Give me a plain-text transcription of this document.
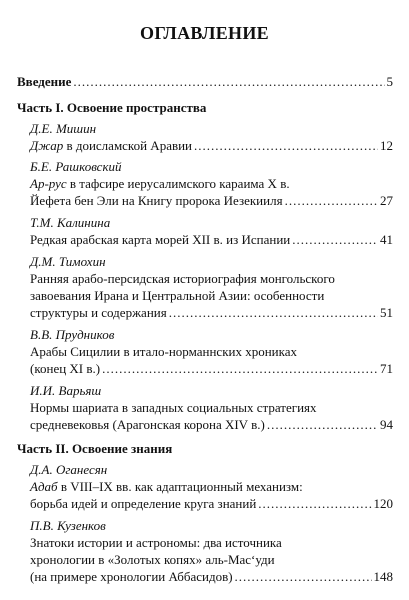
ОГЛАВЛЕНИЕ
Введение .....	5
Часть I. Освоение пространства
Д.Е. Мишин
Джар в доисламской Аравии .....	12
Б.Е. Рашковский
Ар-рус в тафсире иерусалимского караима X в.
Йефета бен Эли на Книгу пророка Иезекииля .....	27
Т.М. Калинина
Редкая арабская карта морей XII в. из Испании .....	41
Д.М. Тимохин
Ранняя арабо-персидская историография монгольского
завоевания Ирана и Центральной Азии: особенности
структуры и содержания .....	51
В.В. Прудников
Арабы Сицилии в итало-норманнских хрониках
(конец XI в.) .....	71
И.И. Варьяш
Нормы шариата в западных социальных стратегиях
средневековья (Арагонская корона XIV в.) .....	94
Часть II. Освоение знания
Д.А. Оганесян
Адаб в VIII–IX вв. как адаптационный механизм:
борьба идей и определение круга знаний .....	120
П.В. Кузенков
Знатоки истории и астрономы: два источника
хронологии в «Золотых копях» аль-Мас‘уди
(на примере хронологии Аббасидов) .....	148
